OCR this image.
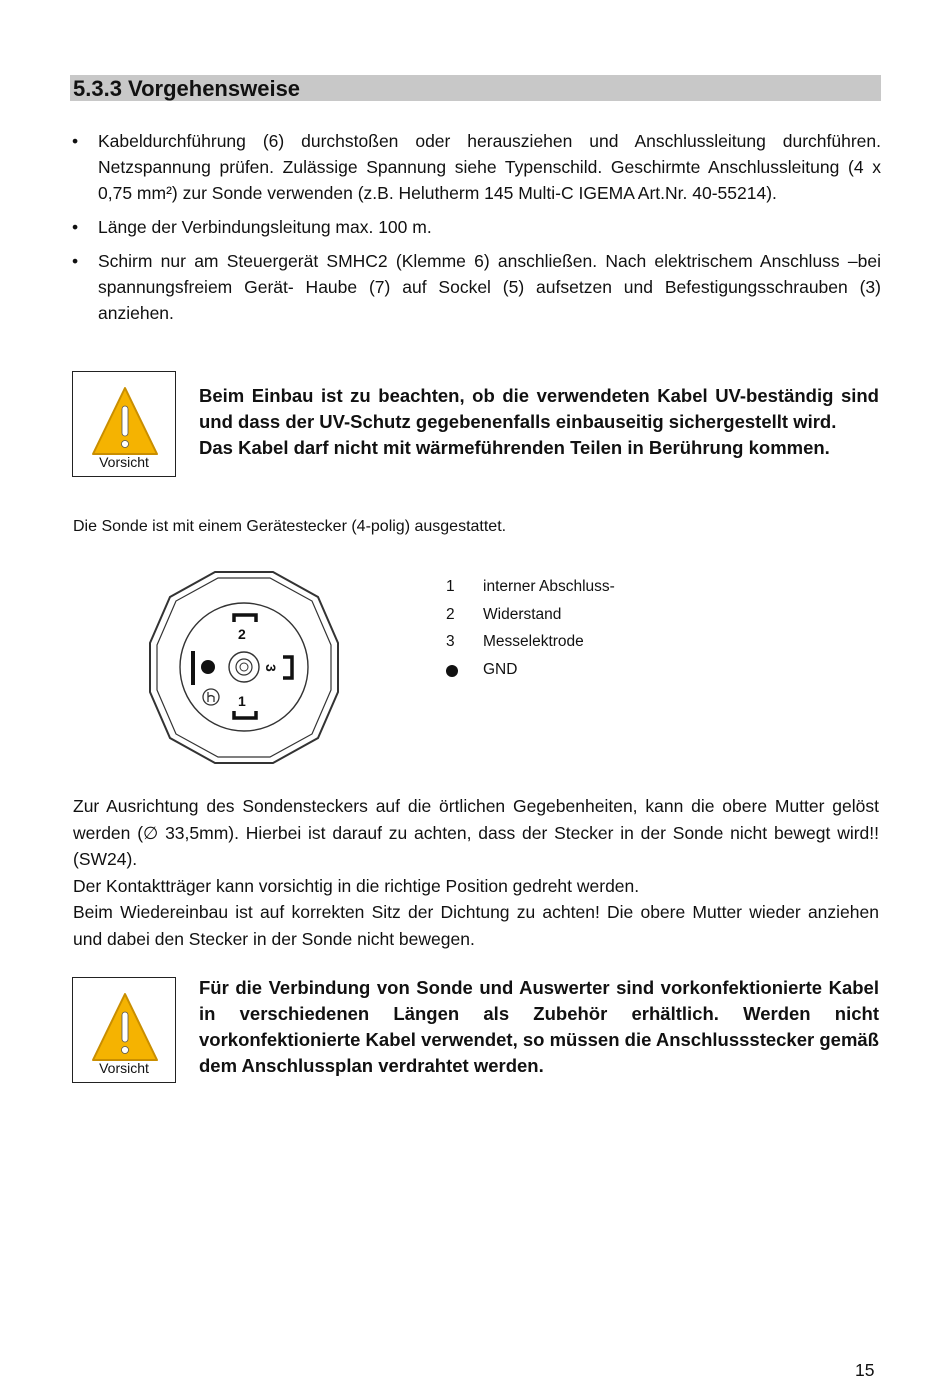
5.3.3 Vorgehensweise
• Kabeldurchführung (6) durchstoßen oder herausziehen und Anschlussleitung durchführen. Netzspannung prüfen. Zulässige Spannung siehe Typenschild. Geschirmte Anschlussleitung (4 x 0,75 mm²) zur Sonde verwenden (z.B. Helutherm 145 Multi-C IGEMA Art.Nr. 40-55214).
• Länge der Verbindungsleitung max. 100 m.
• Schirm nur am Steuergerät SMHC2 (Klemme 6) anschließen. Nach elektrischem Anschluss –bei spannungsfreiem Gerät- Haube (7) auf Sockel (5) aufsetzen und Befestigungsschrauben (3) anziehen.
Vorsicht

Beim Einbau ist zu beachten, ob die verwendeten Kabel UV-beständig sind und dass der UV-Schutz gegebenenfalls einbauseitig sichergestellt wird.

Das Kabel darf nicht mit wärmeführenden Teilen in Berührung kommen.

Die Sonde ist mit einem Gerätestecker (4-polig) ausgestattet.
2
1
3
1 interner Abschluss-
2 Widerstand
3 Messelektrode
GND

Zur Ausrichtung des Sondensteckers auf die örtlichen Gegebenheiten, kann die obere Mutter gelöst werden (∅ 33,5mm). Hierbei ist darauf zu achten, dass der Stecker in der Sonde nicht bewegt wird!! (SW24).

Der Kontaktträger kann vorsichtig in die richtige Position gedreht werden.

Beim Wiedereinbau ist auf korrekten Sitz der Dichtung zu achten! Die obere Mutter wieder anziehen und dabei den Stecker in der Sonde nicht bewegen.

Vorsicht

Für die Verbindung von Sonde und Auswerter sind vorkonfektionierte Kabel in verschiedenen Längen als Zubehör erhältlich. Werden nicht vorkonfektionierte Kabel verwendet, so müssen die Anschlussstecker gemäß dem Anschlussplan verdrahtet werden.

15
